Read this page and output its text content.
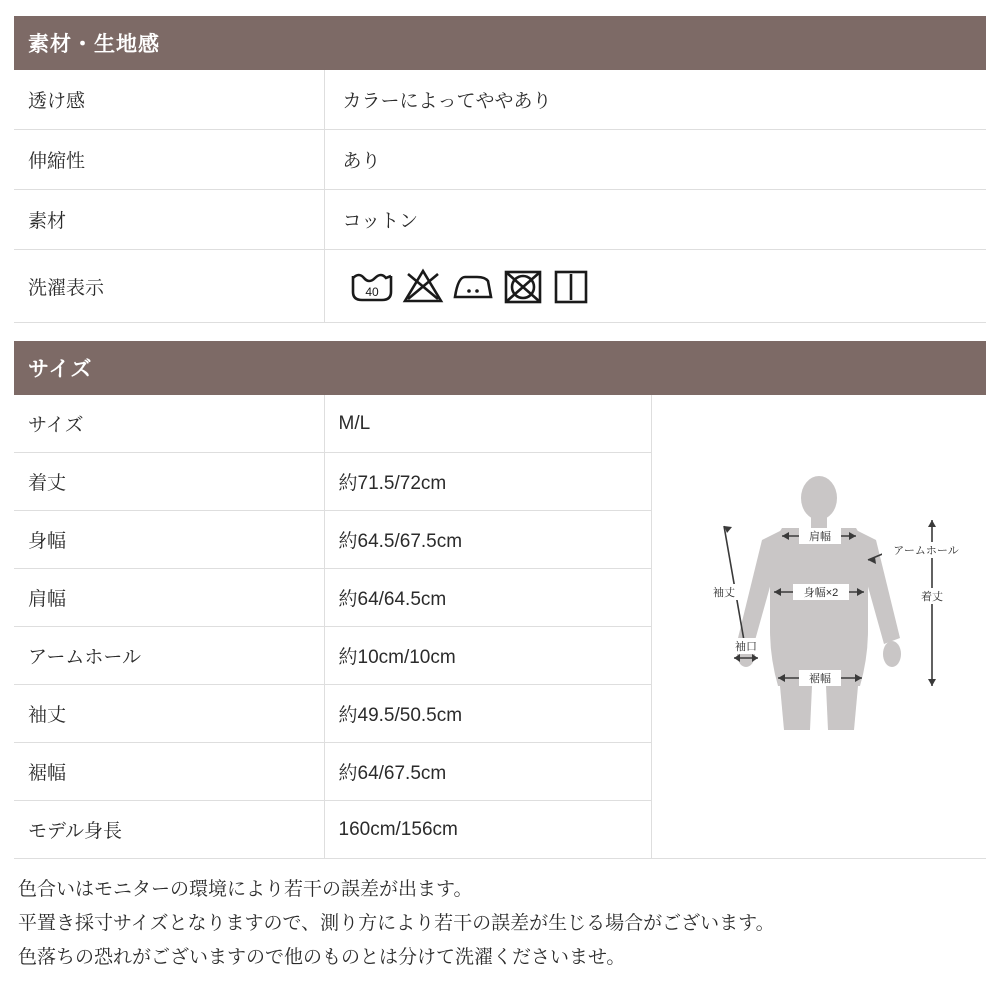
素材・生地感
透け感	カラーによってややあり
伸縮性	あり
素材	コットン
洗濯表示	40
サイズ
サイズ	M/L
着丈	約71.5/72cm
身幅	約64.5/67.5cm
肩幅	約64/64.5cm
アームホール	約10cm/10cm
袖丈	約49.5/50.5cm
裾幅	約64/67.5cm
モデル身長	160cm/156cm
肩幅
アームホール
身幅×2
袖丈
袖口
裾幅
着丈
色合いはモニターの環境により若干の誤差が出ます。
平置き採寸サイズとなりますので、測り方により若干の誤差が生じる場合がございます。
色落ちの恐れがございますので他のものとは分けて洗濯くださいませ。
